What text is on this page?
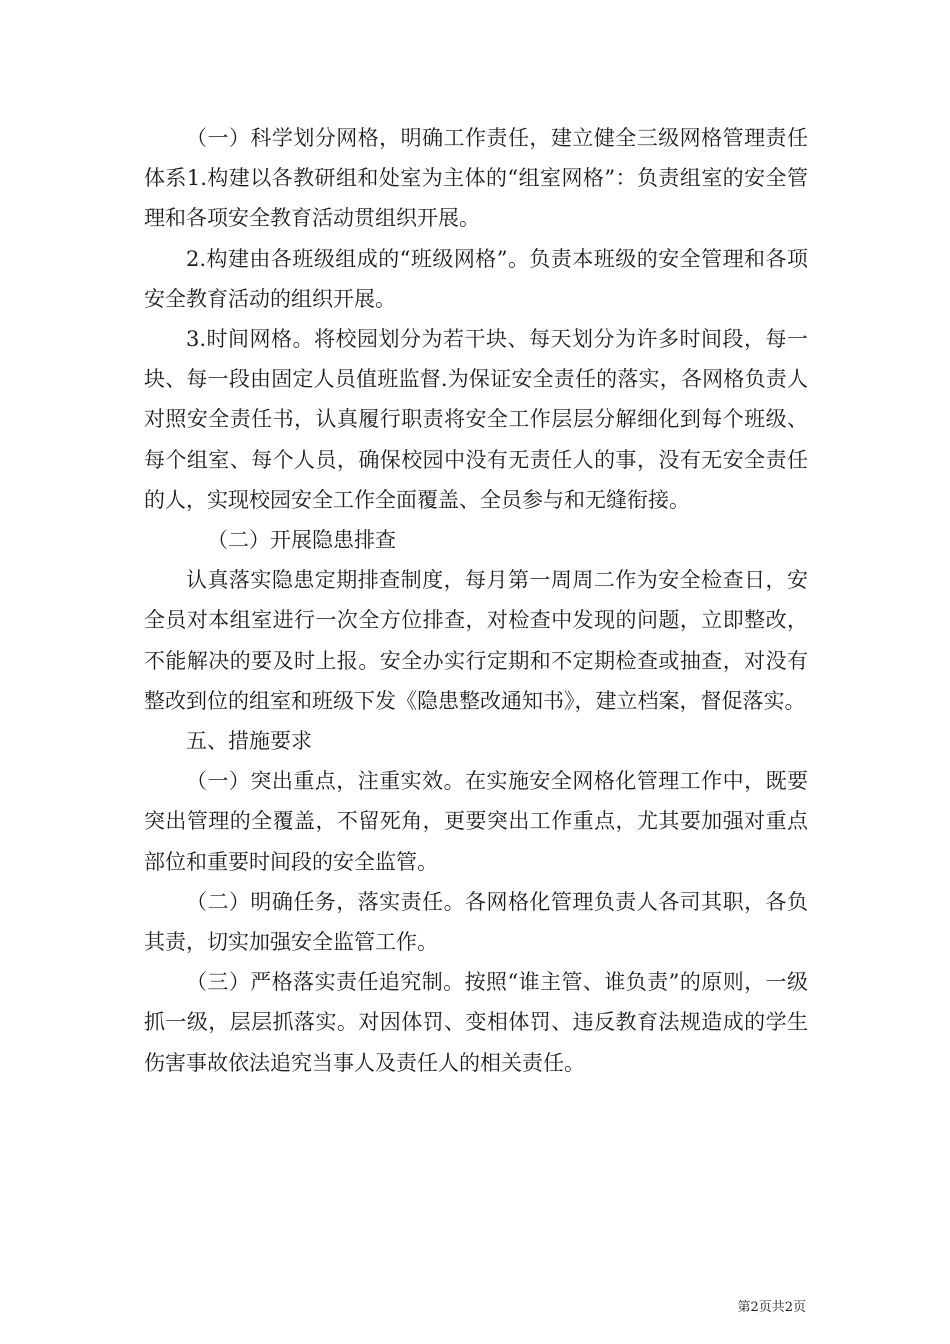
（一）科学划分网格，明确工作责任，建立健全三级网格管理责任体系1.构建以各教研组和处室为主体的“组室网格”：负责组室的安全管理和各项安全教育活动贯组织开展。

2.构建由各班级组成的“班级网格”。负责本班级的安全管理和各项安全教育活动的组织开展。

3.时间网格。将校园划分为若干块、每天划分为许多时间段，每一块、每一段由固定人员值班监督.为保证安全责任的落实，各网格负责人对照安全责任书，认真履行职责将安全工作层层分解细化到每个班级、每个组室、每个人员，确保校园中没有无责任人的事，没有无安全责任的人，实现校园安全工作全面覆盖、全员参与和无缝衔接。

（二）开展隐患排查

认真落实隐患定期排查制度，每月第一周周二作为安全检查日，安全员对本组室进行一次全方位排查，对检查中发现的问题，立即整改，不能解决的要及时上报。安全办实行定期和不定期检查或抽查，对没有整改到位的组室和班级下发《隐患整改通知书》，建立档案，督促落实。

五、措施要求

（一）突出重点，注重实效。在实施安全网格化管理工作中，既要突出管理的全覆盖，不留死角，更要突出工作重点，尤其要加强对重点部位和重要时间段的安全监管。

（二）明确任务，落实责任。各网格化管理负责人各司其职，各负其责，切实加强安全监管工作。

（三）严格落实责任追究制。按照“谁主管、谁负责”的原则，一级抓一级，层层抓落实。对因体罚、变相体罚、违反教育法规造成的学生伤害事故依法追究当事人及责任人的相关责任。

第2页共2页
